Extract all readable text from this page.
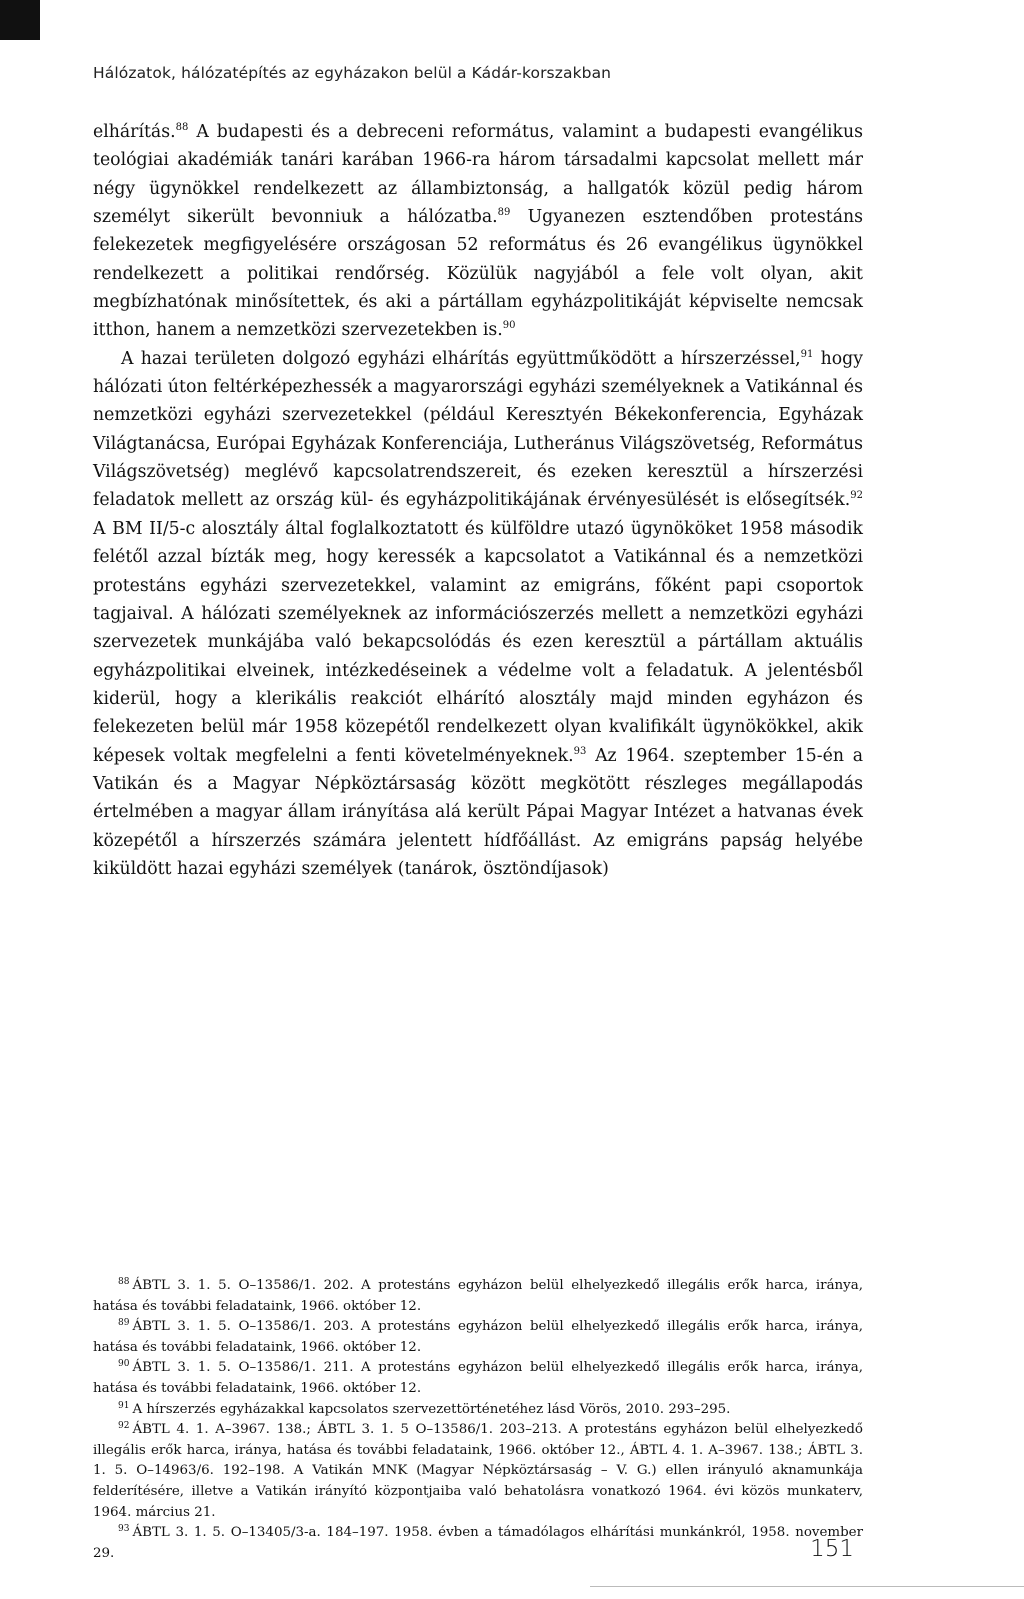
Hálózatok, hálózatépítés az egyházakon belül a Kádár-korszakban

elhárítás.$^{88}$ A budapesti és a debreceni református, valamint a budapesti evangélikus teológiai akadémiák tanári karában 1966-ra három társadalmi kapcsolat mellett már négy ügynökkel rendelkezett az állambiztonság, a hallgatók közül pedig három személyt sikerült bevonniuk a hálózatba.$^{89}$ Ugyanezen esztendőben protestáns felekezetek megfigyelésére országosan 52 református és 26 evangélikus ügynökkel rendelkezett a politikai rendőrség. Közülük nagyjából a fele volt olyan, akit megbízhatónak minősítettek, és aki a pártállam egyházpolitikáját képviselte nemcsak itthon, hanem a nemzetközi szervezetekben is.$^{90}$

A hazai területen dolgozó egyházi elhárítás együttműködött a hírszerzéssel,$^{91}$ hogy hálózati úton feltérképezhessék a magyarországi egyházi személyeknek a Vatikánnal és nemzetközi egyházi szervezetekkel (például Keresztyén Békekonferencia, Egyházak Világtanácsa, Európai Egyházak Konferenciája, Lutheránus Világszövetség, Református Világszövetség) meglévő kapcsolatrendszereit, és ezeken keresztül a hírszerzési feladatok mellett az ország kül- és egyházpolitikájának érvényesülését is elősegítsék.$^{92}$ A BM II/5-c alosztály által foglalkoztatott és külföldre utazó ügynököket 1958 második felétől azzal bízták meg, hogy keressék a kapcsolatot a Vatikánnal és a nemzetközi protestáns egyházi szervezetekkel, valamint az emigráns, főként papi csoportok tagjaival. A hálózati személyeknek az információszerzés mellett a nemzetközi egyházi szervezetek munkájába való bekapcsolódás és ezen keresztül a pártállam aktuális egyházpolitikai elveinek, intézkedéseinek a védelme volt a feladatuk. A jelentésből kiderül, hogy a klerikális reakciót elhárító alosztály majd minden egyházon és felekezeten belül már 1958 közepétől rendelkezett olyan kvalifikált ügynökökkel, akik képesek voltak megfelelni a fenti követelményeknek.$^{93}$ Az 1964. szeptember 15-én a Vatikán és a Magyar Népköztársaság között megkötött részleges megállapodás értelmében a magyar állam irányítása alá került Pápai Magyar Intézet a hatvanas évek közepétől a hírszerzés számára jelentett hídfőállást. Az emigráns papság helyébe kiküldött hazai egyházi személyek (tanárok, ösztöndíjasok)

$^{88}$ ÁBTL 3. 1. 5. O–13586/1. 202. A protestáns egyházon belül elhelyezkedő illegális erők harca, iránya, hatása és további feladataink, 1966. október 12.
$^{89}$ ÁBTL 3. 1. 5. O–13586/1. 203. A protestáns egyházon belül elhelyezkedő illegális erők harca, iránya, hatása és további feladataink, 1966. október 12.
$^{90}$ ÁBTL 3. 1. 5. O–13586/1. 211. A protestáns egyházon belül elhelyezkedő illegális erők harca, iránya, hatása és további feladataink, 1966. október 12.
$^{91}$ A hírszerzés egyházakkal kapcsolatos szervezettörténetéhez lásd Vörös, 2010. 293–295.
$^{92}$ ÁBTL 4. 1. A–3967. 138.; ÁBTL 3. 1. 5 O–13586/1. 203–213. A protestáns egyházon belül elhelyezkedő illegális erők harca, iránya, hatása és további feladataink, 1966. október 12., ÁBTL 4. 1. A–3967. 138.; ÁBTL 3. 1. 5. O–14963/6. 192–198. A Vatikán MNK (Magyar Népköztársaság – V. G.) ellen irányuló aknamunkája felderítésére, illetve a Vatikán irányító központjaiba való behatolásra vonatkozó 1964. évi közös munkaterv, 1964. március 21.
$^{93}$ ÁBTL 3. 1. 5. O–13405/3-a. 184–197. 1958. évben a támadólagos elhárítási munkánkról, 1958. november 29.	151
